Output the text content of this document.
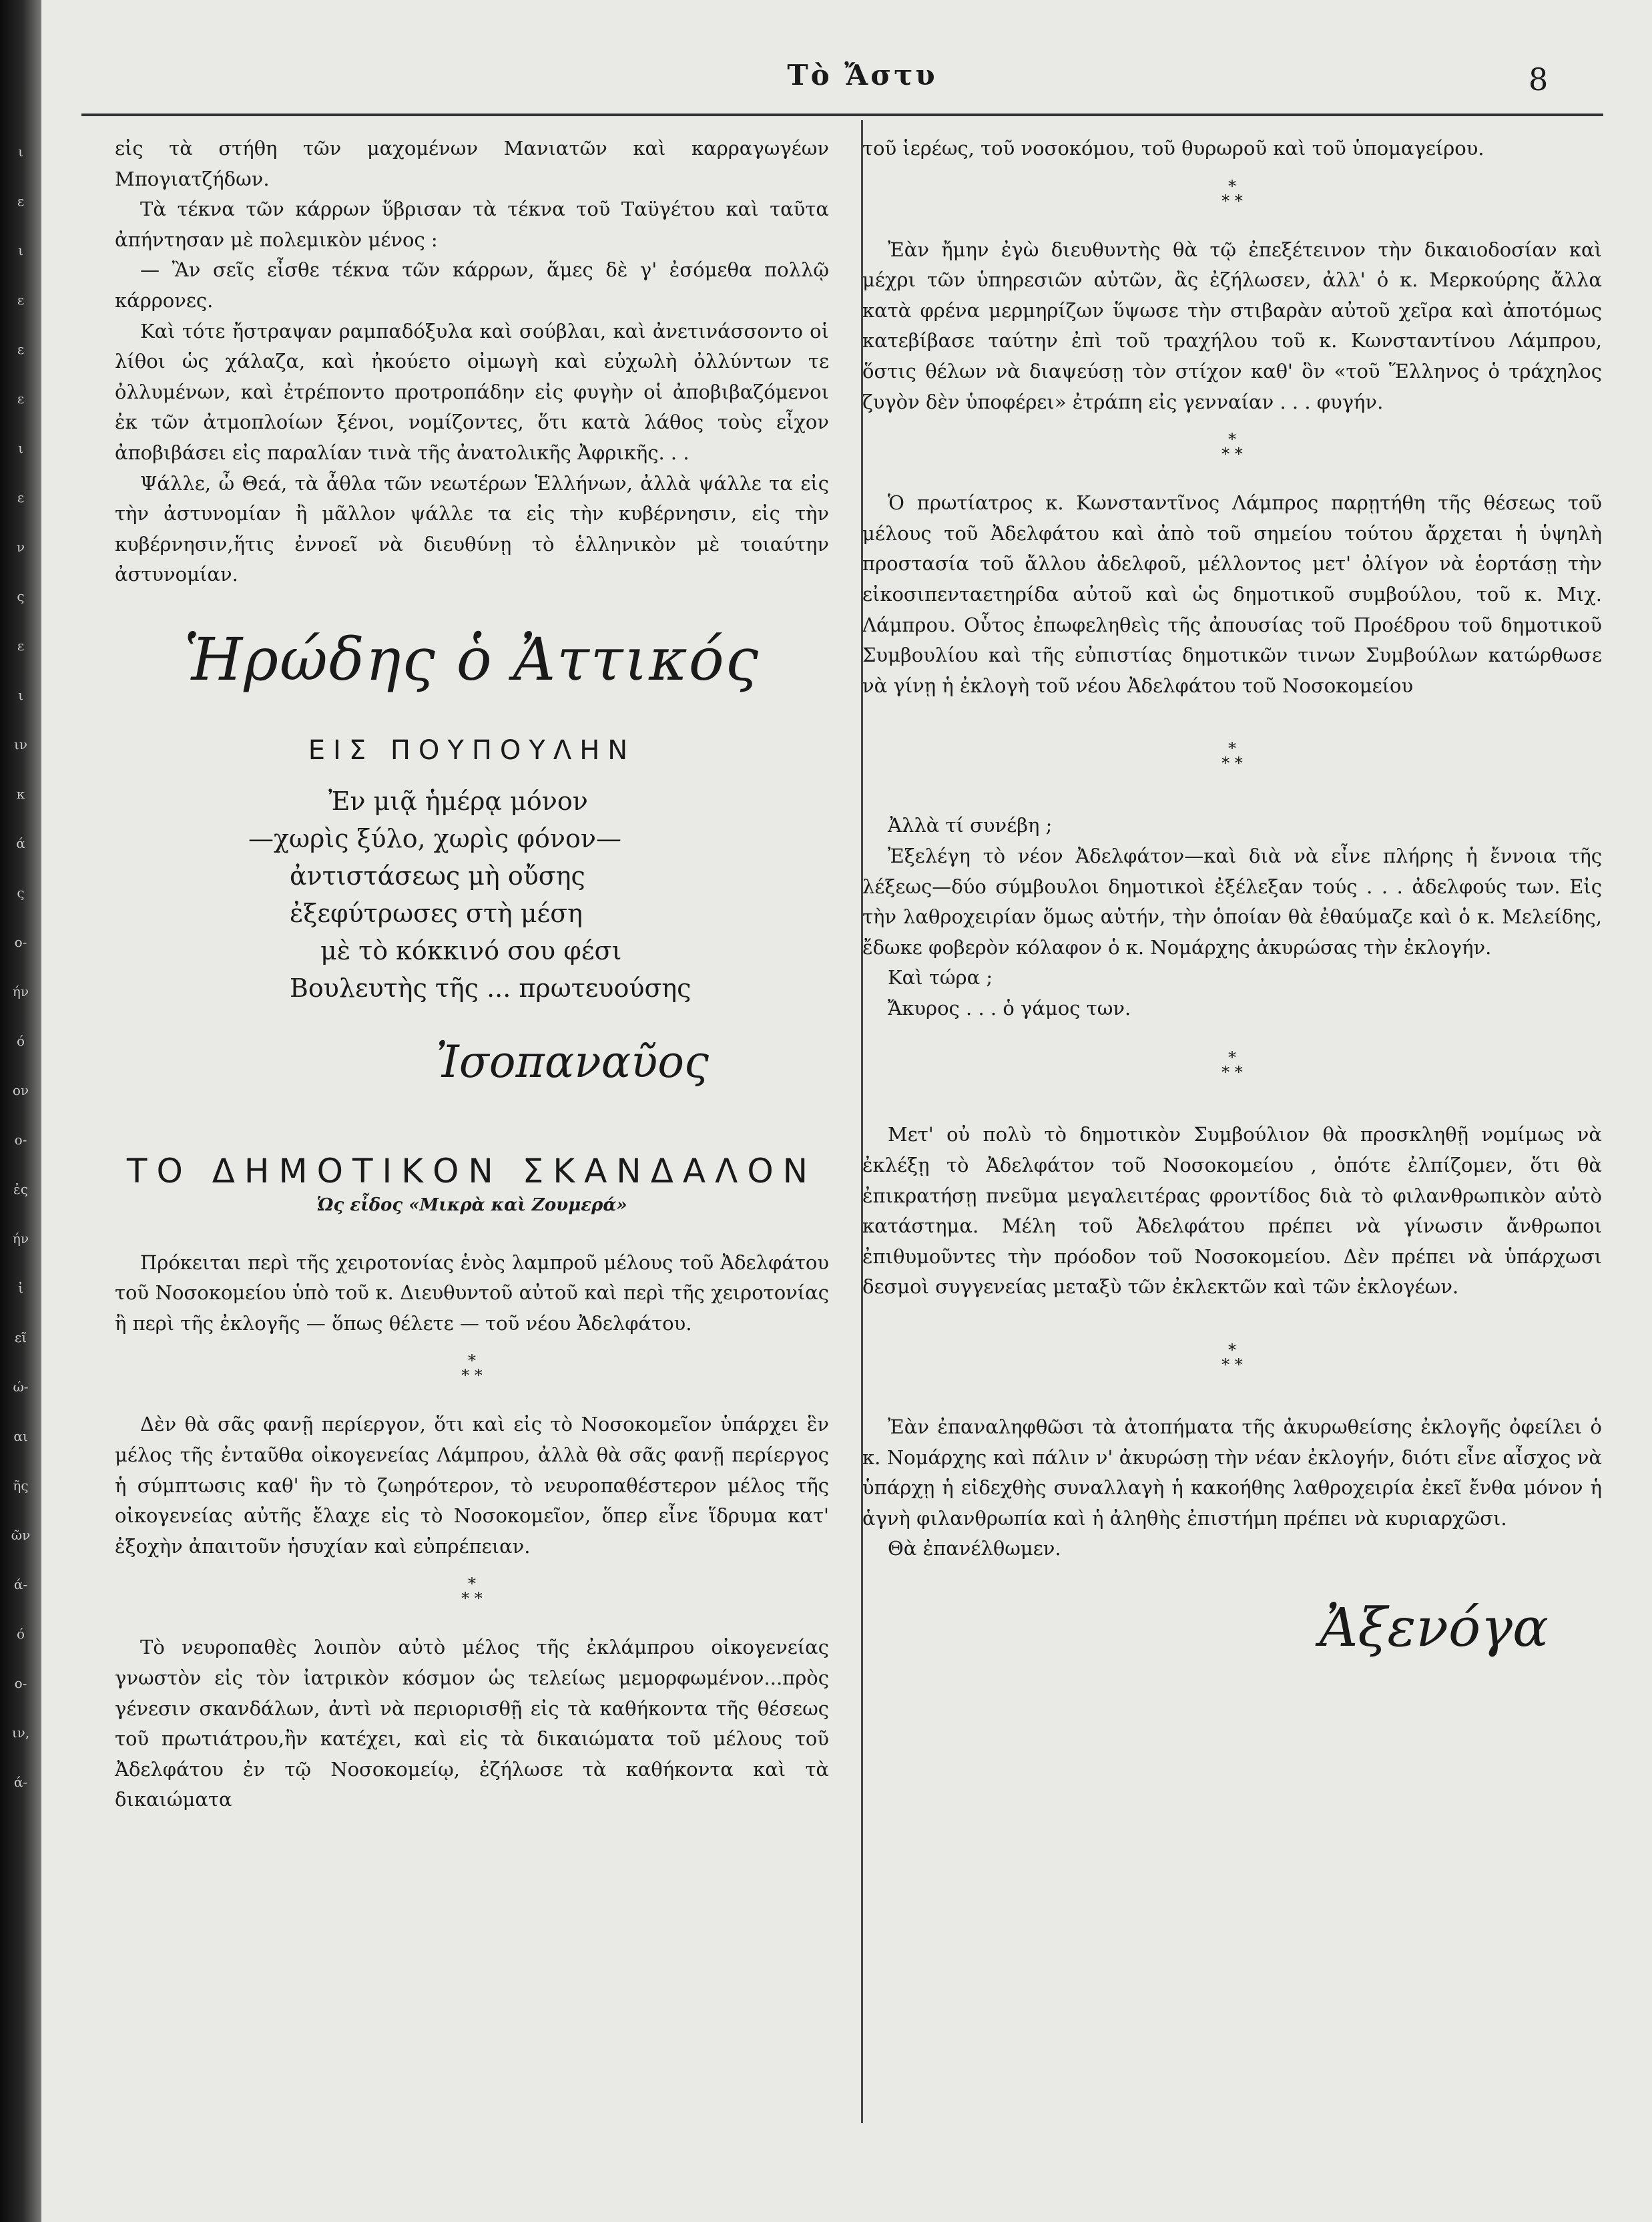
ι
ε
ι
ε
ε
ε
ι
ε
ν
ς
ε
ι
ιν
κ
ά
ς
ο-
ήν
ό
ον
ο-
ἐς
ήν
ἰ
εῖ
ώ-
αι
ῆς
ῶν
ά-
ό
ο-
ιν,
ά-
Τὸ Ἄστυ	8

εἰς τὰ στήθη τῶν μαχομένων Μανιατῶν καὶ καρραγωγέων Μπογιατζήδων.

Τὰ τέκνα τῶν κάρρων ὕβρισαν τὰ τέκνα τοῦ Ταϋγέτου καὶ ταῦτα ἀπήντησαν μὲ πολεμικὸν μένος :

— Ἂν σεῖς εἶσθε τέκνα τῶν κάρρων, ἅμες δὲ γ' ἐσόμεθα πολλῷ κάρρονες.

Καὶ τότε ἤστραψαν ραμπαδόξυλα καὶ σούβλαι, καὶ ἀνετινάσσοντο οἱ λίθοι ὡς χάλαζα, καὶ ἠκούετο οἰμωγὴ καὶ εὐχωλὴ ὀλλύντων τε ὀλλυμένων, καὶ ἐτρέποντο προτροπάδην εἰς φυγὴν οἱ ἀποβιβαζόμενοι ἐκ τῶν ἀτμοπλοίων ξένοι, νομίζοντες, ὅτι κατὰ λάθος τοὺς εἶχον ἀποβιβάσει εἰς παραλίαν τινὰ τῆς ἀνατολικῆς Ἀφρικῆς. . .

Ψάλλε, ὦ Θεά, τὰ ἆθλα τῶν νεωτέρων Ἑλλήνων, ἀλλὰ ψάλλε τα εἰς τὴν ἀστυνομίαν ἢ μᾶλλον ψάλλε τα εἰς τὴν κυβέρνησιν, εἰς τὴν κυβέρνησιν,ἥτις ἐννοεῖ νὰ διευθύνῃ τὸ ἑλληνικὸν μὲ τοιαύτην ἀστυνομίαν.

Ἡρώδης ὁ Ἀττικός
ΕΙΣ ΠΟΥΠΟΥΛΗΝ

Ἐν μιᾷ ἡμέρᾳ μόνον

—χωρὶς ξύλο, χωρὶς φόνον—

ἀντιστάσεως μὴ οὔσης

ἐξεφύτρωσες στὴ μέση

μὲ τὸ κόκκινό σου φέσι

Βουλευτὴς τῆς ... πρωτευούσης

Ἰσοπαναῦος
ΤΟ ΔΗΜΟΤΙΚΟΝ ΣΚΑΝΔΑΛΟΝ
Ὡς εἶδος «Μικρὰ καὶ Ζουμερά»

Πρόκειται περὶ τῆς χειροτονίας ἑνὸς λαμπροῦ μέλους τοῦ Ἀδελφάτου τοῦ Νοσοκομείου ὑπὸ τοῦ κ. Διευθυντοῦ αὐτοῦ καὶ περὶ τῆς χειροτονίας ἢ περὶ τῆς ἐκλογῆς — ὅπως θέλετε — τοῦ νέου Ἀδελφάτου.

*
* *

Δὲν θὰ σᾶς φανῇ περίεργον, ὅτι καὶ εἰς τὸ Νοσοκομεῖον ὑπάρχει ἓν μέλος τῆς ἐνταῦθα οἰκογενείας Λάμπρου, ἀλλὰ θὰ σᾶς φανῇ περίεργος ἡ σύμπτωσις καθ' ἣν τὸ ζωηρότερον, τὸ νευροπαθέστερον μέλος τῆς οἰκογενείας αὐτῆς ἔλαχε εἰς τὸ Νοσοκομεῖον, ὅπερ εἶνε ἵδρυμα κατ' ἐξοχὴν ἀπαιτοῦν ἡσυχίαν καὶ εὐπρέπειαν.

*
* *

Τὸ νευροπαθὲς λοιπὸν αὐτὸ μέλος τῆς ἐκλάμπρου οἰκογενείας γνωστὸν εἰς τὸν ἰατρικὸν κόσμον ὡς τελείως μεμορφωμένον...πρὸς γένεσιν σκανδάλων, ἀντὶ νὰ περιορισθῇ εἰς τὰ καθήκοντα τῆς θέσεως τοῦ πρωτιάτρου,ἢν κατέχει, καὶ εἰς τὰ δικαιώματα τοῦ μέλους τοῦ Ἀδελφάτου ἐν τῷ Νοσοκομείῳ, ἐζήλωσε τὰ καθήκοντα καὶ τὰ δικαιώματα

τοῦ ἱερέως, τοῦ νοσοκόμου, τοῦ θυρωροῦ καὶ τοῦ ὑπομαγείρου.

*
* *

Ἐὰν ἤμην ἐγὼ διευθυντὴς θὰ τῷ ἐπεξέτεινον τὴν δικαιοδοσίαν καὶ μέχρι τῶν ὑπηρεσιῶν αὐτῶν, ἂς ἐζήλωσεν, ἀλλ' ὁ κ. Μερκούρης ἄλλα κατὰ φρένα μερμηρίζων ὕψωσε τὴν στιβαρὰν αὐτοῦ χεῖρα καὶ ἀποτόμως κατεβίβασε ταύτην ἐπὶ τοῦ τραχήλου τοῦ κ. Κωνσταντίνου Λάμπρου, ὅστις θέλων νὰ διαψεύσῃ τὸν στίχον καθ' ὃν «τοῦ Ἕλληνος ὁ τράχηλος ζυγὸν δὲν ὑποφέρει» ἐτράπη εἰς γενναίαν . . . φυγήν.

*
* *

Ὁ πρωτίατρος κ. Κωνσταντῖνος Λάμπρος παρῃτήθη τῆς θέσεως τοῦ μέλους τοῦ Ἀδελφάτου καὶ ἀπὸ τοῦ σημείου τούτου ἄρχεται ἡ ὑψηλὴ προστασία τοῦ ἄλλου ἀδελφοῦ, μέλλοντος μετ' ὀλίγον νὰ ἑορτάσῃ τὴν εἰκοσιπενταετηρίδα αὐτοῦ καὶ ὡς δημοτικοῦ συμβούλου, τοῦ κ. Μιχ. Λάμπρου. Οὗτος ἐπωφεληθεὶς τῆς ἀπουσίας τοῦ Προέδρου τοῦ δημοτικοῦ Συμβουλίου καὶ τῆς εὐπιστίας δημοτικῶν τινων Συμβούλων κατώρθωσε νὰ γίνῃ ἡ ἐκλογὴ τοῦ νέου Ἀδελφάτου τοῦ Νοσοκομείου

*
* *

Ἀλλὰ τί συνέβη ;

Ἐξελέγη τὸ νέον Ἀδελφάτον—καὶ διὰ νὰ εἶνε πλήρης ἡ ἔννοια τῆς λέξεως—δύο σύμβουλοι δημοτικοὶ ἐξέλεξαν τούς . . . ἀδελφούς των. Εἰς τὴν λαθροχειρίαν ὅμως αὐτήν, τὴν ὁποίαν θὰ ἐθαύμαζε καὶ ὁ κ. Μελείδης, ἔδωκε φοβερὸν κόλαφον ὁ κ. Νομάρχης ἀκυρώσας τὴν ἐκλογήν.

Καὶ τώρα ;

Ἄκυρος . . . ὁ γάμος των.

*
* *

Μετ' οὐ πολὺ τὸ δημοτικὸν Συμβούλιον θὰ προσκληθῇ νομίμως νὰ ἐκλέξῃ τὸ Ἀδελφάτον τοῦ Νοσοκομείου , ὁπότε ἐλπίζομεν, ὅτι θὰ ἐπικρατήσῃ πνεῦμα μεγαλειτέρας φροντίδος διὰ τὸ φιλανθρωπικὸν αὐτὸ κατάστημα. Μέλη τοῦ Ἀδελφάτου πρέπει νὰ γίνωσιν ἄνθρωποι ἐπιθυμοῦντες τὴν πρόοδον τοῦ Νοσοκομείου. Δὲν πρέπει νὰ ὑπάρχωσι δεσμοὶ συγγενείας μεταξὺ τῶν ἐκλεκτῶν καὶ τῶν ἐκλογέων.

*
* *

Ἐὰν ἐπαναληφθῶσι τὰ ἀτοπήματα τῆς ἀκυρωθείσης ἐκλογῆς ὀφείλει ὁ κ. Νομάρχης καὶ πάλιν ν' ἀκυρώσῃ τὴν νέαν ἐκλογήν, διότι εἶνε αἶσχος νὰ ὑπάρχῃ ἡ εἰδεχθὴς συναλλαγὴ ἡ κακοήθης λαθροχειρία ἐκεῖ ἔνθα μόνον ἡ ἁγνὴ φιλανθρωπία καὶ ἡ ἀληθὴς ἐπιστήμη πρέπει νὰ κυριαρχῶσι.

Θὰ ἐπανέλθωμεν.

Ἀξενόγα
